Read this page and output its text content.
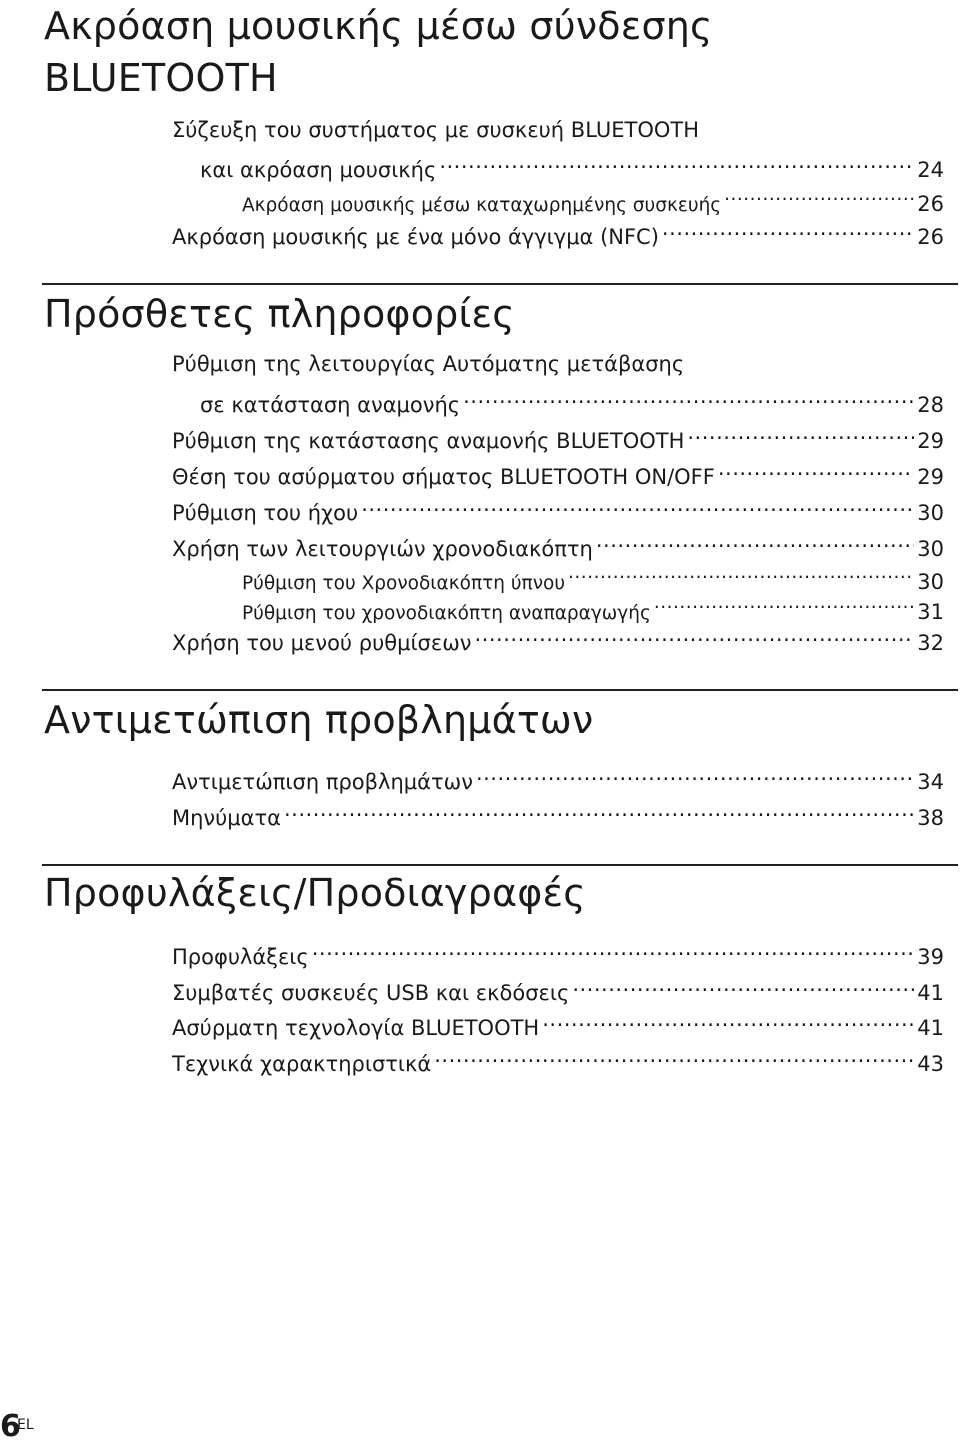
Ακρόαση μουσικής μέσω σύνδεσης
BLUETOOTH
Σύζευξη του συστήματος με συσκευή BLUETOOTH
και ακρόαση μουσικής .....	24
Ακρόαση μουσικής μέσω καταχωρημένης συσκευής .....	26
Ακρόαση μουσικής με ένα μόνο άγγιγμα (NFC) .....	26
Πρόσθετες πληροφορίες
Ρύθμιση της λειτουργίας Αυτόματης μετάβασης
σε κατάσταση αναμονής .....	28
Ρύθμιση της κατάστασης αναμονής BLUETOOTH .....	29
Θέση του ασύρματου σήματος BLUETOOTH ON/OFF .....	29
Ρύθμιση του ήχου .....	30
Χρήση των λειτουργιών χρονοδιακόπτη .....	30
Ρύθμιση του Χρονοδιακόπτη ύπνου .....	30
Ρύθμιση του χρονοδιακόπτη αναπαραγωγής .....	31
Χρήση του μενού ρυθμίσεων .....	32
Αντιμετώπιση προβλημάτων
Αντιμετώπιση προβλημάτων .....	34
Μηνύματα .....	38
Προφυλάξεις/Προδιαγραφές
Προφυλάξεις .....	39
Συμβατές συσκευές USB και εκδόσεις .....	41
Ασύρματη τεχνολογία BLUETOOTH .....	41
Τεχνικά χαρακτηριστικά .....	43
6
EL
